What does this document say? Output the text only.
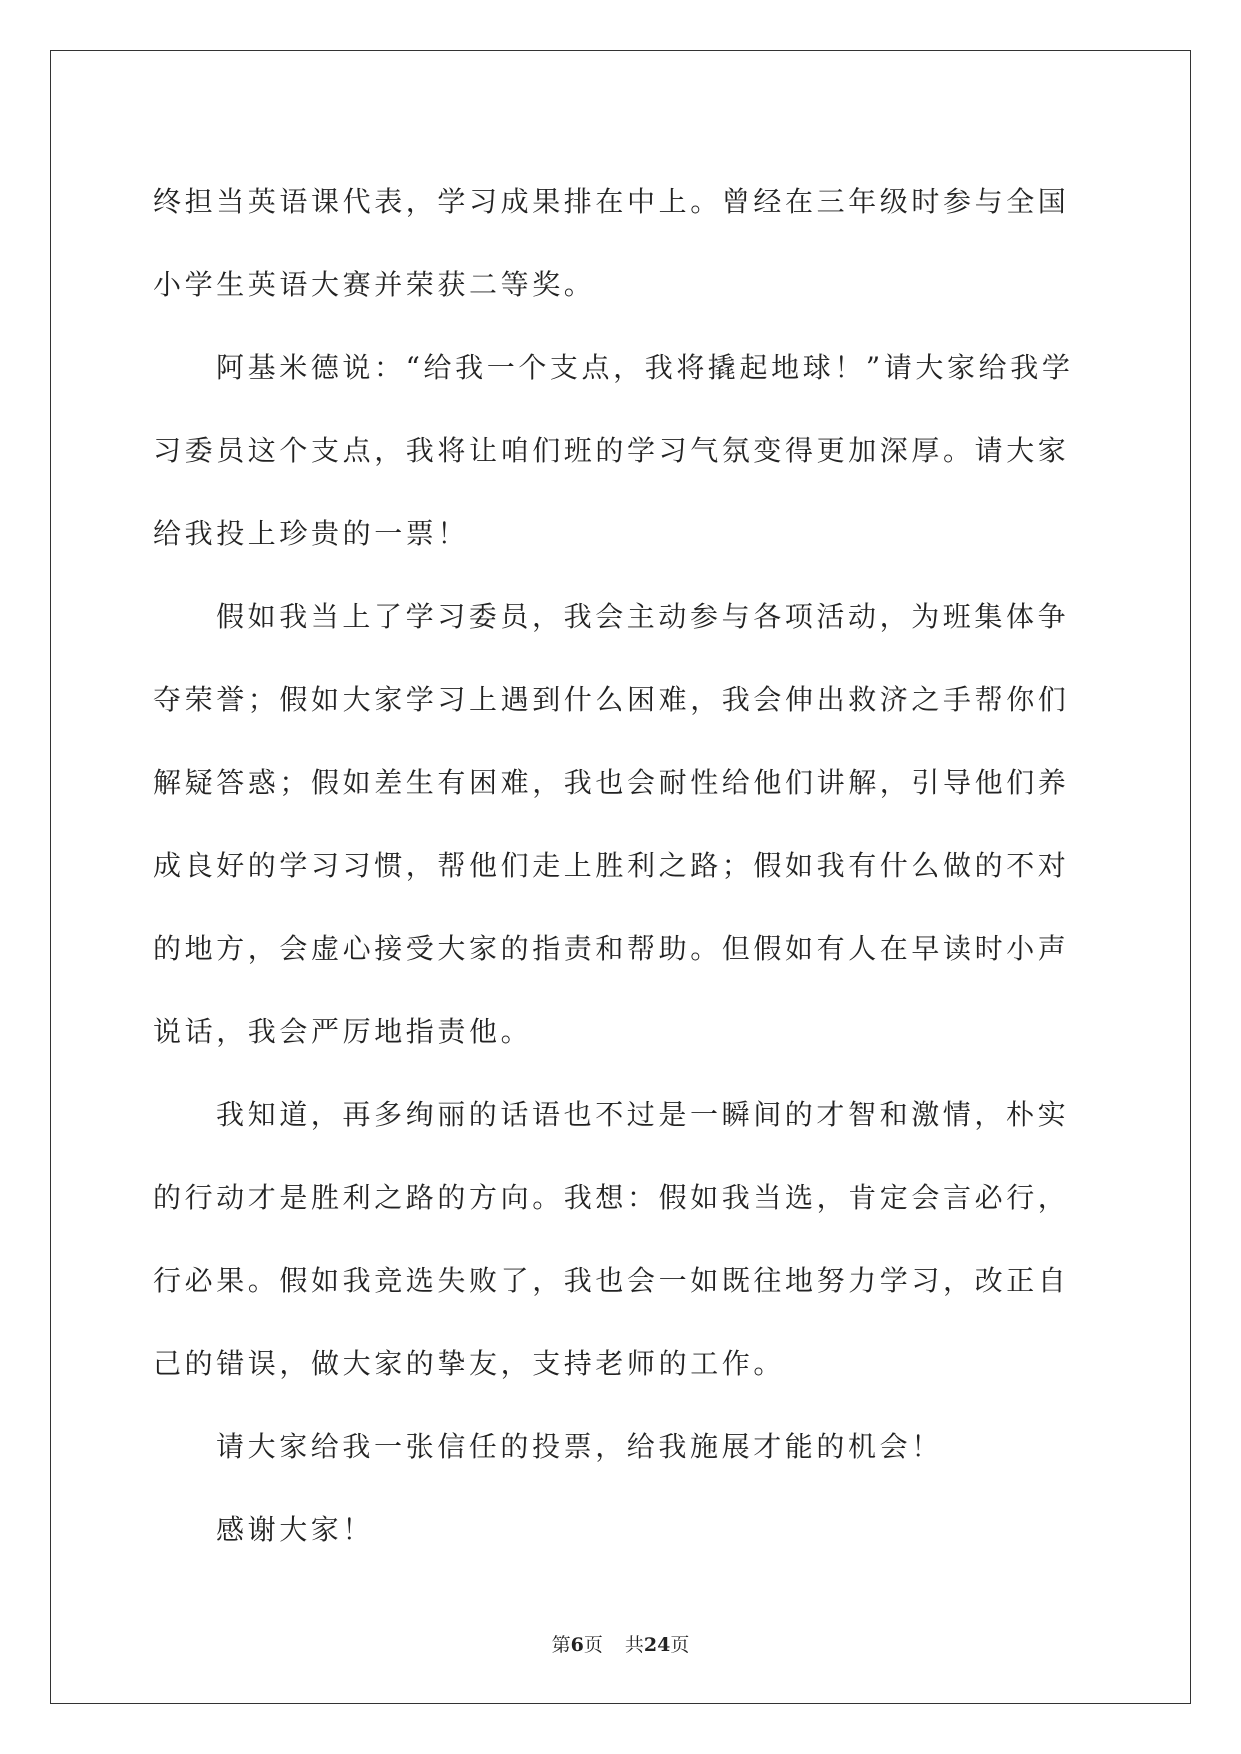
终担当英语课代表，学习成果排在中上。曾经在三年级时参与全国小学生英语大赛并荣获二等奖。

阿基米德说：“给我一个支点，我将撬起地球！”请大家给我学习委员这个支点，我将让咱们班的学习气氛变得更加深厚。请大家给我投上珍贵的一票！

假如我当上了学习委员，我会主动参与各项活动，为班集体争夺荣誉；假如大家学习上遇到什么困难，我会伸出救济之手帮你们解疑答惑；假如差生有困难，我也会耐性给他们讲解，引导他们养成良好的学习习惯，帮他们走上胜利之路；假如我有什么做的不对的地方，会虚心接受大家的指责和帮助。但假如有人在早读时小声说话，我会严厉地指责他。

我知道，再多绚丽的话语也不过是一瞬间的才智和激情，朴实的行动才是胜利之路的方向。我想：假如我当选，肯定会言必行，行必果。假如我竞选失败了，我也会一如既往地努力学习，改正自己的错误，做大家的挚友，支持老师的工作。

请大家给我一张信任的投票，给我施展才能的机会！

感谢大家！

第6页 共24页
